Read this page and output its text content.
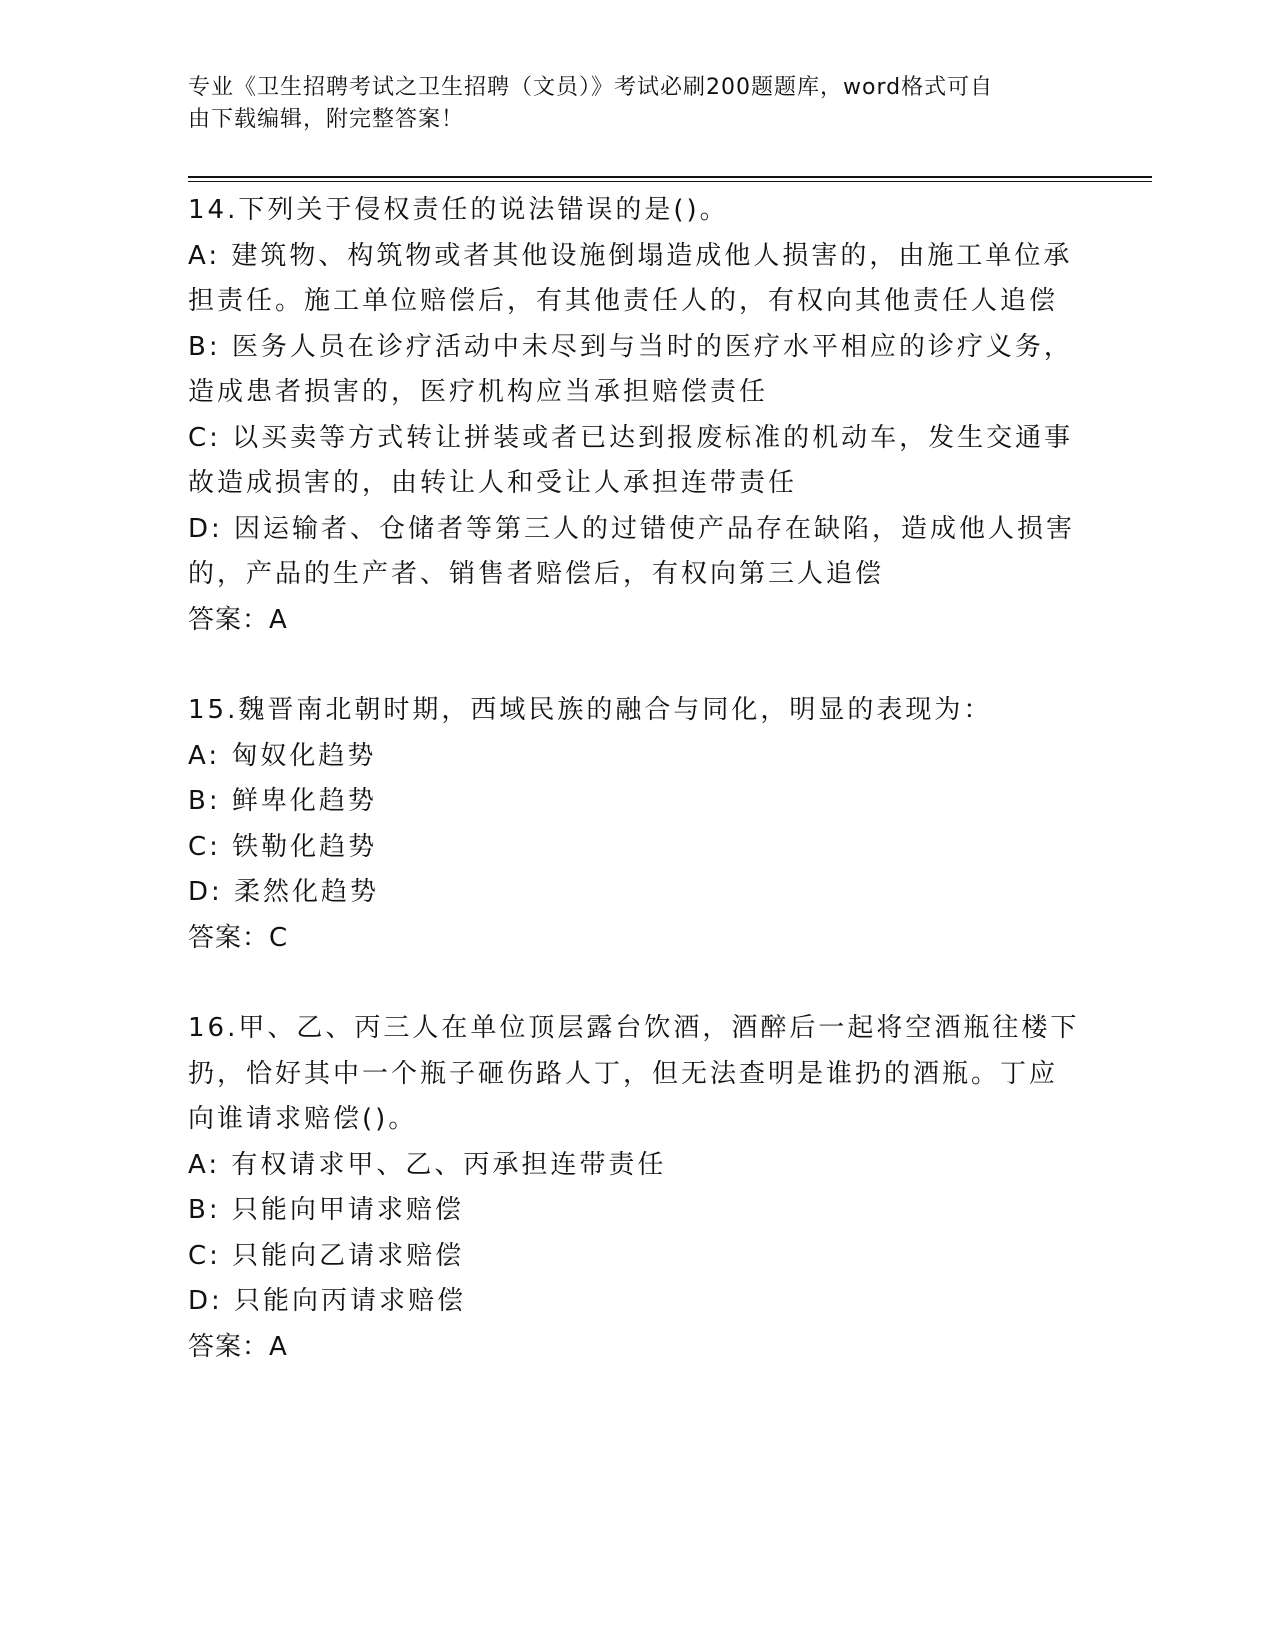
专业《卫生招聘考试之卫生招聘（文员）》考试必刷200题题库，word格式可自
由下载编辑，附完整答案！
14.下列关于侵权责任的说法错误的是()。
A: 建筑物、构筑物或者其他设施倒塌造成他人损害的，由施工单位承
担责任。施工单位赔偿后，有其他责任人的，有权向其他责任人追偿
B: 医务人员在诊疗活动中未尽到与当时的医疗水平相应的诊疗义务，
造成患者损害的，医疗机构应当承担赔偿责任
C: 以买卖等方式转让拼装或者已达到报废标准的机动车，发生交通事
故造成损害的，由转让人和受让人承担连带责任
D: 因运输者、仓储者等第三人的过错使产品存在缺陷，造成他人损害
的，产品的生产者、销售者赔偿后，有权向第三人追偿
答案：A
15.魏晋南北朝时期，西域民族的融合与同化，明显的表现为：
A: 匈奴化趋势
B: 鲜卑化趋势
C: 铁勒化趋势
D: 柔然化趋势
答案：C
16.甲、乙、丙三人在单位顶层露台饮酒，酒醉后一起将空酒瓶往楼下
扔，恰好其中一个瓶子砸伤路人丁，但无法查明是谁扔的酒瓶。丁应
向谁请求赔偿()。
A: 有权请求甲、乙、丙承担连带责任
B: 只能向甲请求赔偿
C: 只能向乙请求赔偿
D: 只能向丙请求赔偿
答案：A
